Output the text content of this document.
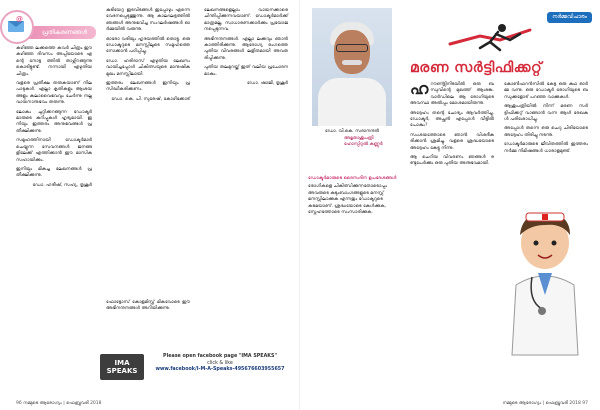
പ്രതികരണങ്ങൾ
@

കഴിഞ്ഞ ലക്കത്തെ കവർ ചിത്രം ഈ കഴിഞ്ഞ ദിവസം അപ്പിയോടെ എന്റെ നോട്ട ത്തിൽ താഴ്ന്നിറങ്ങുന്നു കൊടിട്ടുണ്ട്. നന്നായി എഴുതിയ ചിത്രം.

വളരെ പ്രതീക്ഷ തരുകയാണ് നിലപാടുകൾ. എല്ലാ കൃതികളും ആശയങ്ങളും കലാവൈഭവവും ചേർന്നു നല്ല വായനാനുഭവം തരുന്നു.

ലോകം ചുറ്റിക്കറങ്ങുന്ന ഡോക്ടർമാരുടെ കുറിപ്പുകൾ ഹൃദ്യമായി. ഇനിയും ഇത്തരം അനുഭവങ്ങൾ പ്രതീക്ഷിക്കുന്നു.

സമൂഹത്തിനായി ഡോക്ടർമാർ ചെയ്യുന്ന സേവനങ്ങൾ ജനങ്ങളിലേക്ക് എത്തിക്കാൻ ഈ മാസിക സഹായിക്കും.

ഇനിയും മികച്ച ലേഖനങ്ങൾ പ്രതീക്ഷിക്കുന്നു.

ഡോ. ഹരീഷ്, സഹ്യ, തൃശൂർ

കുടിയേറ്റ ഇടവിടങ്ങൾ ഇപ്പോഴും എന്നെ വേദനപ്പെടുത്തുന്നു. ആ കാലഘട്ടത്തിൽ ഞങ്ങൾ അനുഭവിച്ച സംഘർഷങ്ങൾ ഓർമ്മയിൽ വരുന്നു.

ഓരോ വരിയും ഹൃദയത്തിൽ തൊട്ടു. ഒരു ഡോക്ടറുടെ മനസ്സിലൂടെ സമൂഹത്തെ നോക്കാൻ പഠിപ്പിച്ചു.

ഡോ. ഹരിദാസ് എഴുതിയ ലേഖനം വായിച്ചപ്പോൾ ചികിത്സയുടെ മാനുഷിക മുഖം മനസ്സിലായി.

ഇത്തരം ലേഖനങ്ങൾ ഇനിയും പ്രസിദ്ധീകരിക്കണം.

ഡോ. കെ. പി. സുരേഷ്, കോഴിക്കോട്

ലേഖനങ്ങളെല്ലാം വായനക്കാരെ ചിന്തിപ്പിക്കുന്നവയാണ്. ഡോക്ടർമാർക്ക് മാത്രമല്ല, സാധാരണക്കാർക്കും പ്രയോജനപ്പെടുന്നവ.

അഭിനന്ദനങ്ങൾ. എല്ലാ ലക്കവും ഞാൻ കാത്തിരിക്കുന്നു. ആരോഗ്യ രംഗത്തെ പുതിയ വിവരങ്ങൾ ലളിതമായി അവതരിപ്പിക്കുന്നു.

പുതിയ തലമുറയ്ക്ക് ഇത് വലിയ പ്രചോദനമാകും.

ഡോ. ഷാജി, തൃശൂർ

ഫോട്ടോസ് കോളമിസ്റ്റ് മികവോടെ ഈ അഭിനന്ദനങ്ങൾ അറിയിക്കുന്നു.

IMA SPEAKS
Please open facebook page "IMA SPEAKS"
click & like
www.facebook/I-M-A-Speaks-495676603955657
96 നമ്മുടെ ആരോഗ്യം | ഫെബ്രുവരി 2018
നർമ്മവിചാരം
ഡോ. വി.കെ. സദാനന്ദൻ
അമൃതാശുപത്രി ഹോസ്പിറ്റൽ കണ്ണൂർ
മരണ സർട്ടിഫിക്കറ്റ്

ഹറൗണ്ട്സിനിടയിൽ ഒരു ബന്ധുവിന്റെ മുഖത്ത് ആശങ്ക. വാർഡിലെ ആ രോഗിയുടെ അവസ്ഥ അൽപ്പം മോശമായിരുന്നു.

അദ്ദേഹം തന്റെ ചോദ്യം ആവർത്തിച്ചു. ഡോക്ടർ, അച്ഛൻ എപ്പോൾ വീട്ടിൽ പോകും?

സംശയത്തോടെ ഞാൻ വിശദീകരിക്കാൻ ശ്രമിച്ചു. വളരെ ശ്രദ്ധയോടെ അദ്ദേഹം കേട്ടു നിന്നു.

ആ ചെറിയ വിവരണം ഞങ്ങൾ രണ്ടുപേർക്കും ഒരു പുതിയ അനുഭവമായി.

കോൺഫറൻസിൽ കേട്ട ഒരു കഥ ഓർമ്മ വന്നു. ഒരു ഡോക്ടർ രോഗിയുടെ ബന്ധുക്കളോട് പറഞ്ഞ വാക്കുകൾ.

ആശുപത്രിയിൽ നിന്ന് മരണ സർട്ടിഫിക്കറ്റ് വാങ്ങാൻ വന്ന ആൾ രേഖകൾ പരിശോധിച്ചു.

അപ്പോൾ തന്നെ ഒരു ചെറു ചിരിയോടെ അദ്ദേഹം തിരിച്ചു നടന്നു.

ഡോക്ടർമാരുടെ ജീവിതത്തിൽ ഇത്തരം നർമ്മ നിമിഷങ്ങൾ ധാരാളമുണ്ട്.

ഡോക്ടർമാരുടെ ദൈനംദിന ഉപദേശങ്ങൾ
രോഗികളെ ചികിത്സിക്കുന്നതോടൊപ്പം അവരുടെ കുടുംബാംഗങ്ങളുടെ മനസ്സ് മനസ്സിലാക്കുക എന്നതും ഡോക്ടറുടെ കടമയാണ്. ശ്രദ്ധയോടെ കേൾക്കുക, സ്നേഹത്തോടെ സംസാരിക്കുക.
നമ്മുടെ ആരോഗ്യം | ഫെബ്രുവരി 2018 97
